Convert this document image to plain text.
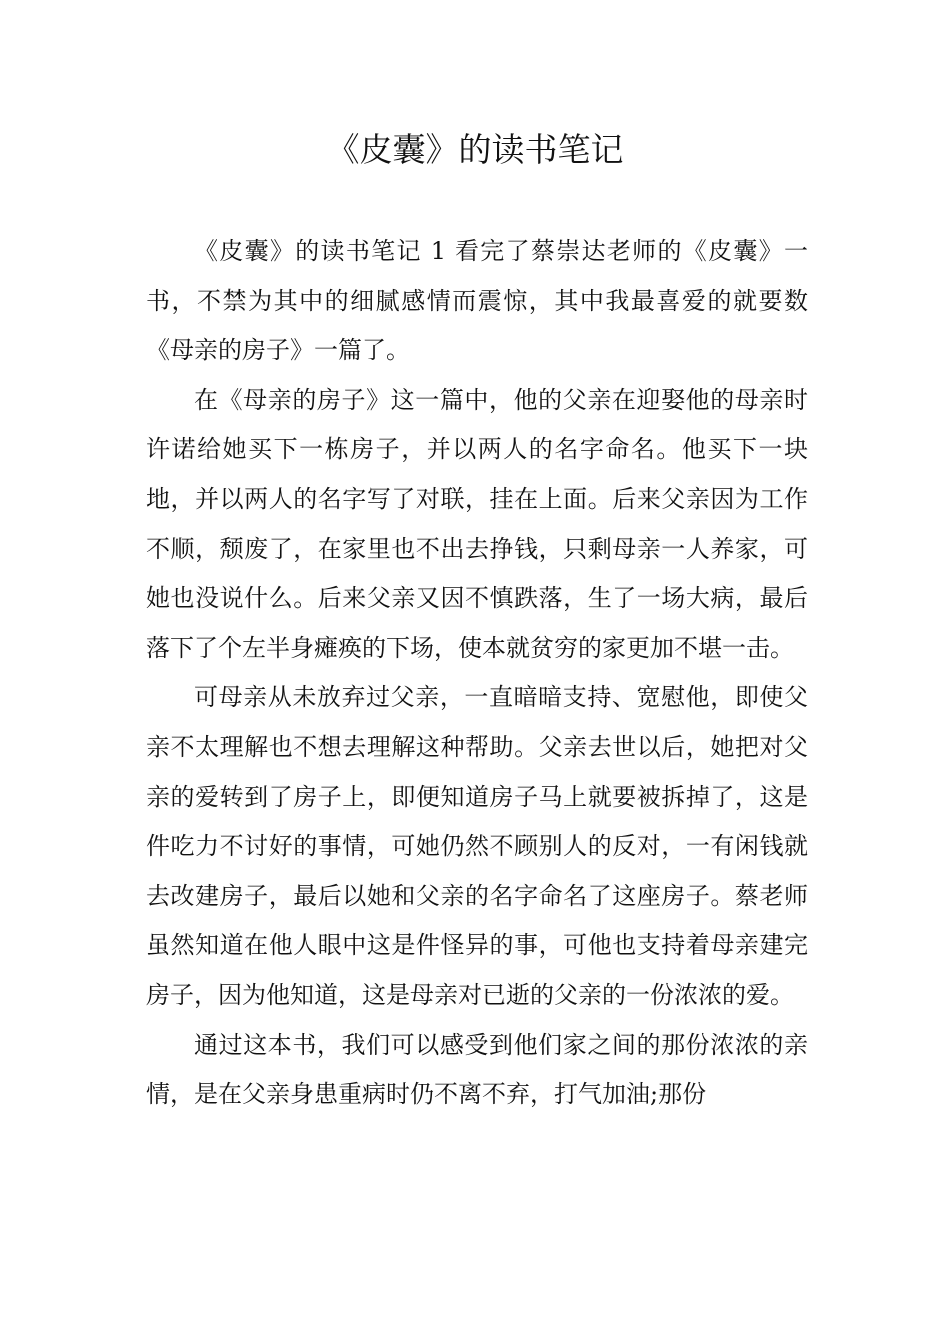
《皮囊》的读书笔记

《皮囊》的读书笔记 1 看完了蔡崇达老师的《皮囊》一书，不禁为其中的细腻感情而震惊，其中我最喜爱的就要数《母亲的房子》一篇了。

在《母亲的房子》这一篇中，他的父亲在迎娶他的母亲时许诺给她买下一栋房子，并以两人的名字命名。他买下一块地，并以两人的名字写了对联，挂在上面。后来父亲因为工作不顺，颓废了，在家里也不出去挣钱，只剩母亲一人养家，可她也没说什么。后来父亲又因不慎跌落，生了一场大病，最后落下了个左半身瘫痪的下场，使本就贫穷的家更加不堪一击。

可母亲从未放弃过父亲，一直暗暗支持、宽慰他，即使父亲不太理解也不想去理解这种帮助。父亲去世以后，她把对父亲的爱转到了房子上，即便知道房子马上就要被拆掉了，这是件吃力不讨好的事情，可她仍然不顾别人的反对，一有闲钱就去改建房子，最后以她和父亲的名字命名了这座房子。蔡老师虽然知道在他人眼中这是件怪异的事，可他也支持着母亲建完房子，因为他知道，这是母亲对已逝的父亲的一份浓浓的爱。

通过这本书，我们可以感受到他们家之间的那份浓浓的亲情，是在父亲身患重病时仍不离不弃，打气加油;那份
